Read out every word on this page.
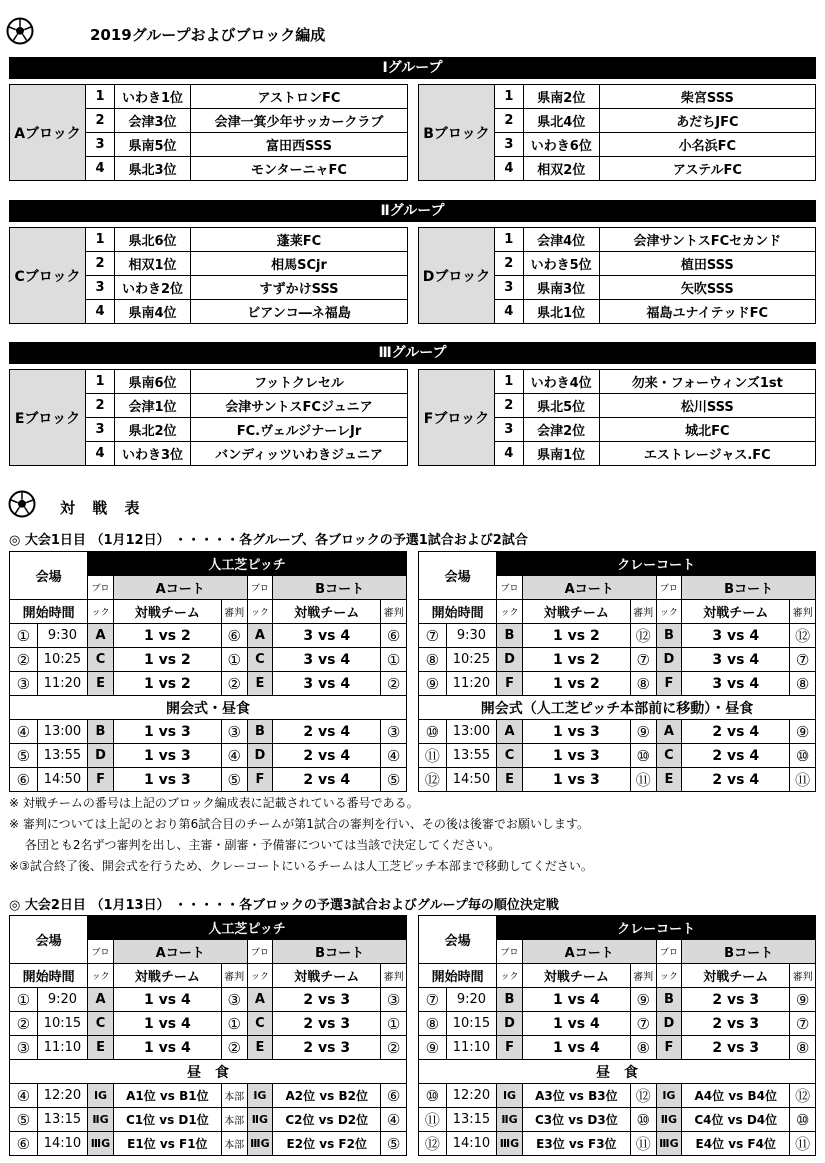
2019グループおよびブロック編成
Ⅰグループ
Aブロック	1	いわき1位	アストロンFC
	2	会津3位	会津一箕少年サッカークラブ
	3	県南5位	富田西SSS
	4	県北3位	モンターニャFC
Bブロック	1	県南2位	柴宮SSS
	2	県北4位	あだちJFC
	3	いわき6位	小名浜FC
	4	相双2位	アステルFC
Ⅱグループ
Cブロック	1	県北6位	蓬莱FC
	2	相双1位	相馬SCjr
	3	いわき2位	すずかけSSS
	4	県南4位	ビアンコ―ネ福島
Dブロック	1	会津4位	会津サントスFCセカンド
	2	いわき5位	植田SSS
	3	県南3位	矢吹SSS
	4	県北1位	福島ユナイテッドFC
Ⅲグループ
Eブロック	1	県南6位	フットクレセル
	2	会津1位	会津サントスFCジュニア
	3	県北2位	FC.ヴェルジナーレJr
	4	いわき3位	バンディッツいわきジュニア
Fブロック	1	いわき4位	勿来・フォーウィンズ1st
	2	県北5位	松川SSS
	3	会津2位	城北FC
	4	県南1位	エストレージャス.FC
対 戦 表
◎ 大会1日目 （1月12日） ・・・・・各グループ、各ブロックの予選1試合および2試合
会場		人工芝ピッチ					
		ブロ	Aコート		ブロ	Bコート	
開始時間		ック	対戦チーム	審判	ック	対戦チーム	審判
①	9:30	A	1 vs 2	⑥	A	3 vs 4	⑥
②	10:25	C	1 vs 2	①	C	3 vs 4	①
③	11:20	E	1 vs 2	②	E	3 vs 4	②
開会式・昼食							
④	13:00	B	1 vs 3	③	B	2 vs 4	③
⑤	13:55	D	1 vs 3	④	D	2 vs 4	④
⑥	14:50	F	1 vs 3	⑤	F	2 vs 4	⑤
会場		クレーコート					
		ブロ	Aコート		ブロ	Bコート	
開始時間		ック	対戦チーム	審判	ック	対戦チーム	審判
⑦	9:30	B	1 vs 2	⑫	B	3 vs 4	⑫
⑧	10:25	D	1 vs 2	⑦	D	3 vs 4	⑦
⑨	11:20	F	1 vs 2	⑧	F	3 vs 4	⑧
開会式（人工芝ピッチ本部前に移動）・昼食							
⑩	13:00	A	1 vs 3	⑨	A	2 vs 4	⑨
⑪	13:55	C	1 vs 3	⑩	C	2 vs 4	⑩
⑫	14:50	E	1 vs 3	⑪	E	2 vs 4	⑪
※ 対戦チームの番号は上記のブロック編成表に記載されている番号である。
※ 審判については上記のとおり第6試合目のチームが第1試合の審判を行い、その後は後審でお願いします。
　 各団とも2名ずつ審判を出し、主審・副審・予備審については当該で決定してください。
※③試合終了後、開会式を行うため、クレーコートにいるチームは人工芝ピッチ本部まで移動してください。
◎ 大会2日目 （1月13日） ・・・・・各ブロックの予選3試合およびグループ毎の順位決定戦
会場		人工芝ピッチ					
		ブロ	Aコート		ブロ	Bコート	
開始時間		ック	対戦チーム	審判	ック	対戦チーム	審判
①	9:20	A	1 vs 4	③	A	2 vs 3	③
②	10:15	C	1 vs 4	①	C	2 vs 3	①
③	11:10	E	1 vs 4	②	E	2 vs 3	②
昼　食							
④	12:20	ⅠG	A1位 vs B1位	本部	ⅠG	A2位 vs B2位	⑥
⑤	13:15	ⅡG	C1位 vs D1位	本部	ⅡG	C2位 vs D2位	④
⑥	14:10	ⅢG	E1位 vs F1位	本部	ⅢG	E2位 vs F2位	⑤
会場		クレーコート					
		ブロ	Aコート		ブロ	Bコート	
開始時間		ック	対戦チーム	審判	ック	対戦チーム	審判
⑦	9:20	B	1 vs 4	⑨	B	2 vs 3	⑨
⑧	10:15	D	1 vs 4	⑦	D	2 vs 3	⑦
⑨	11:10	F	1 vs 4	⑧	F	2 vs 3	⑧
昼　食							
⑩	12:20	ⅠG	A3位 vs B3位	⑫	ⅠG	A4位 vs B4位	⑫
⑪	13:15	ⅡG	C3位 vs D3位	⑩	ⅡG	C4位 vs D4位	⑩
⑫	14:10	ⅢG	E3位 vs F3位	⑪	ⅢG	E4位 vs F4位	⑪
